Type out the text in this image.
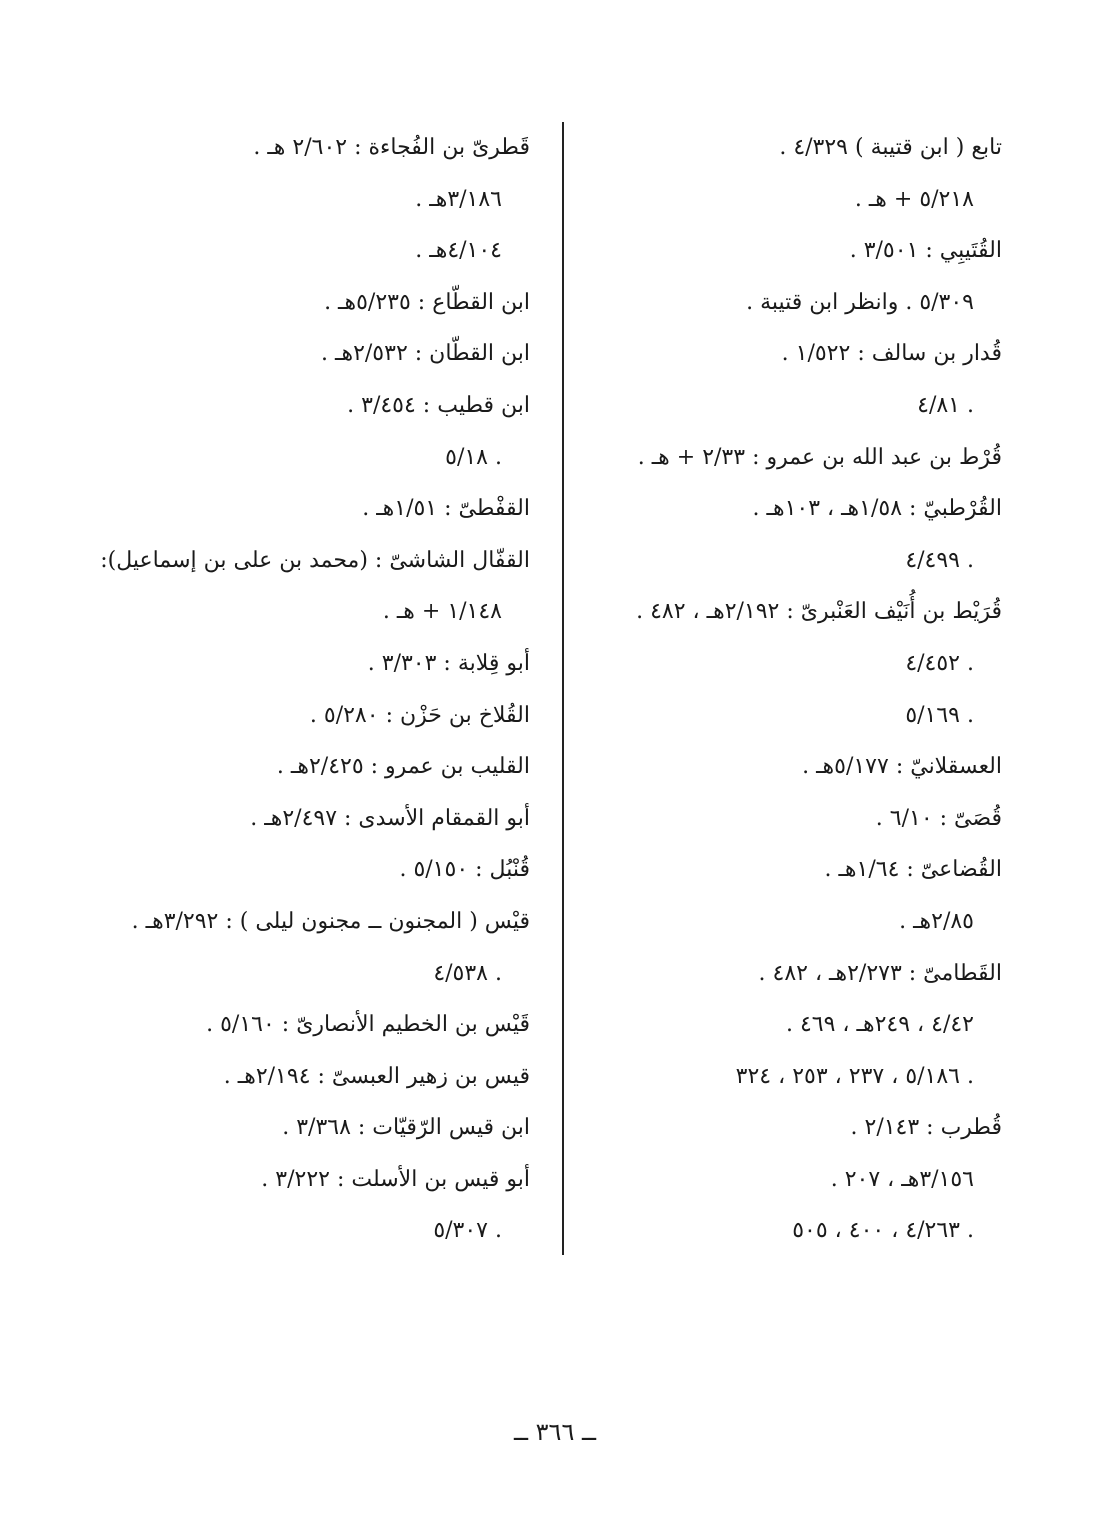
تابع ( ابن قتيبة ) ٤/٣٢٩ .
٥/٢١٨ + هـ .
القُتَيبِي : ٣/٥٠١ .
٥/٣٠٩ . وانظر ابن قتيبة .
قُدار بن سالف : ١/٥٢٢ .
٤/٨١ .
قُرْط بن عبد الله بن عمرو : ٢/٣٣ + هـ .
القُرْطبيّ : ١/٥٨هـ ، ١٠٣هـ .
٤/٤٩٩ .
قُرَيْط بن أُنَيْف العَنْبرىّ : ٢/١٩٢هـ ، ٤٨٢ .
٤/٤٥٢ .
٥/١٦٩ .
العسقلانيّ : ٥/١٧٧هـ .
قُصَىّ : ٦/١٠ .
القُضاعىّ : ١/٦٤هـ .
٢/٨٥هـ .
القَطامىّ : ٢/٢٧٣هـ ، ٤٨٢ .
٤/٤٢ ، ٢٤٩هـ ، ٤٦٩ .
٥/١٨٦ ، ٢٣٧ ، ٢٥٣ ، ٣٢٤ .
قُطرب : ٢/١٤٣ .
٣/١٥٦هـ ، ٢٠٧ .
٤/٢٦٣ ، ٤٠٠ ، ٥٠٥ .
قَطرىّ بن الفُجاءة : ٢/٦٠٢ هـ .
٣/١٨٦هـ .
٤/١٠٤هـ .
ابن القطّاع : ٥/٢٣٥هـ .
ابن القطّان : ٢/٥٣٢هـ .
ابن قطيب : ٣/٤٥٤ .
٥/١٨ .
القفْطىّ : ١/٥١هـ .
القفّال الشاشىّ : (محمد بن على بن إسماعيل):
١/١٤٨ + هـ .
أبو قِلابة : ٣/٣٠٣ .
القُلاخ بن حَزْن : ٥/٢٨٠ .
القليب بن عمرو : ٢/٤٢٥هـ .
أبو القمقام الأسدى : ٢/٤٩٧هـ .
قُنْبُل : ٥/١٥٠ .
قيْس ( المجنون ــ مجنون ليلى ) : ٣/٢٩٢هـ .
٤/٥٣٨ .
قَيْس بن الخطيم الأنصارىّ : ٥/١٦٠ .
قيس بن زهير العبسىّ : ٢/١٩٤هـ .
ابن قيس الرّقيّات : ٣/٣٦٨ .
أبو قيس بن الأسلت : ٣/٢٢٢ .
٥/٣٠٧ .
ــ ٣٦٦ ــ
